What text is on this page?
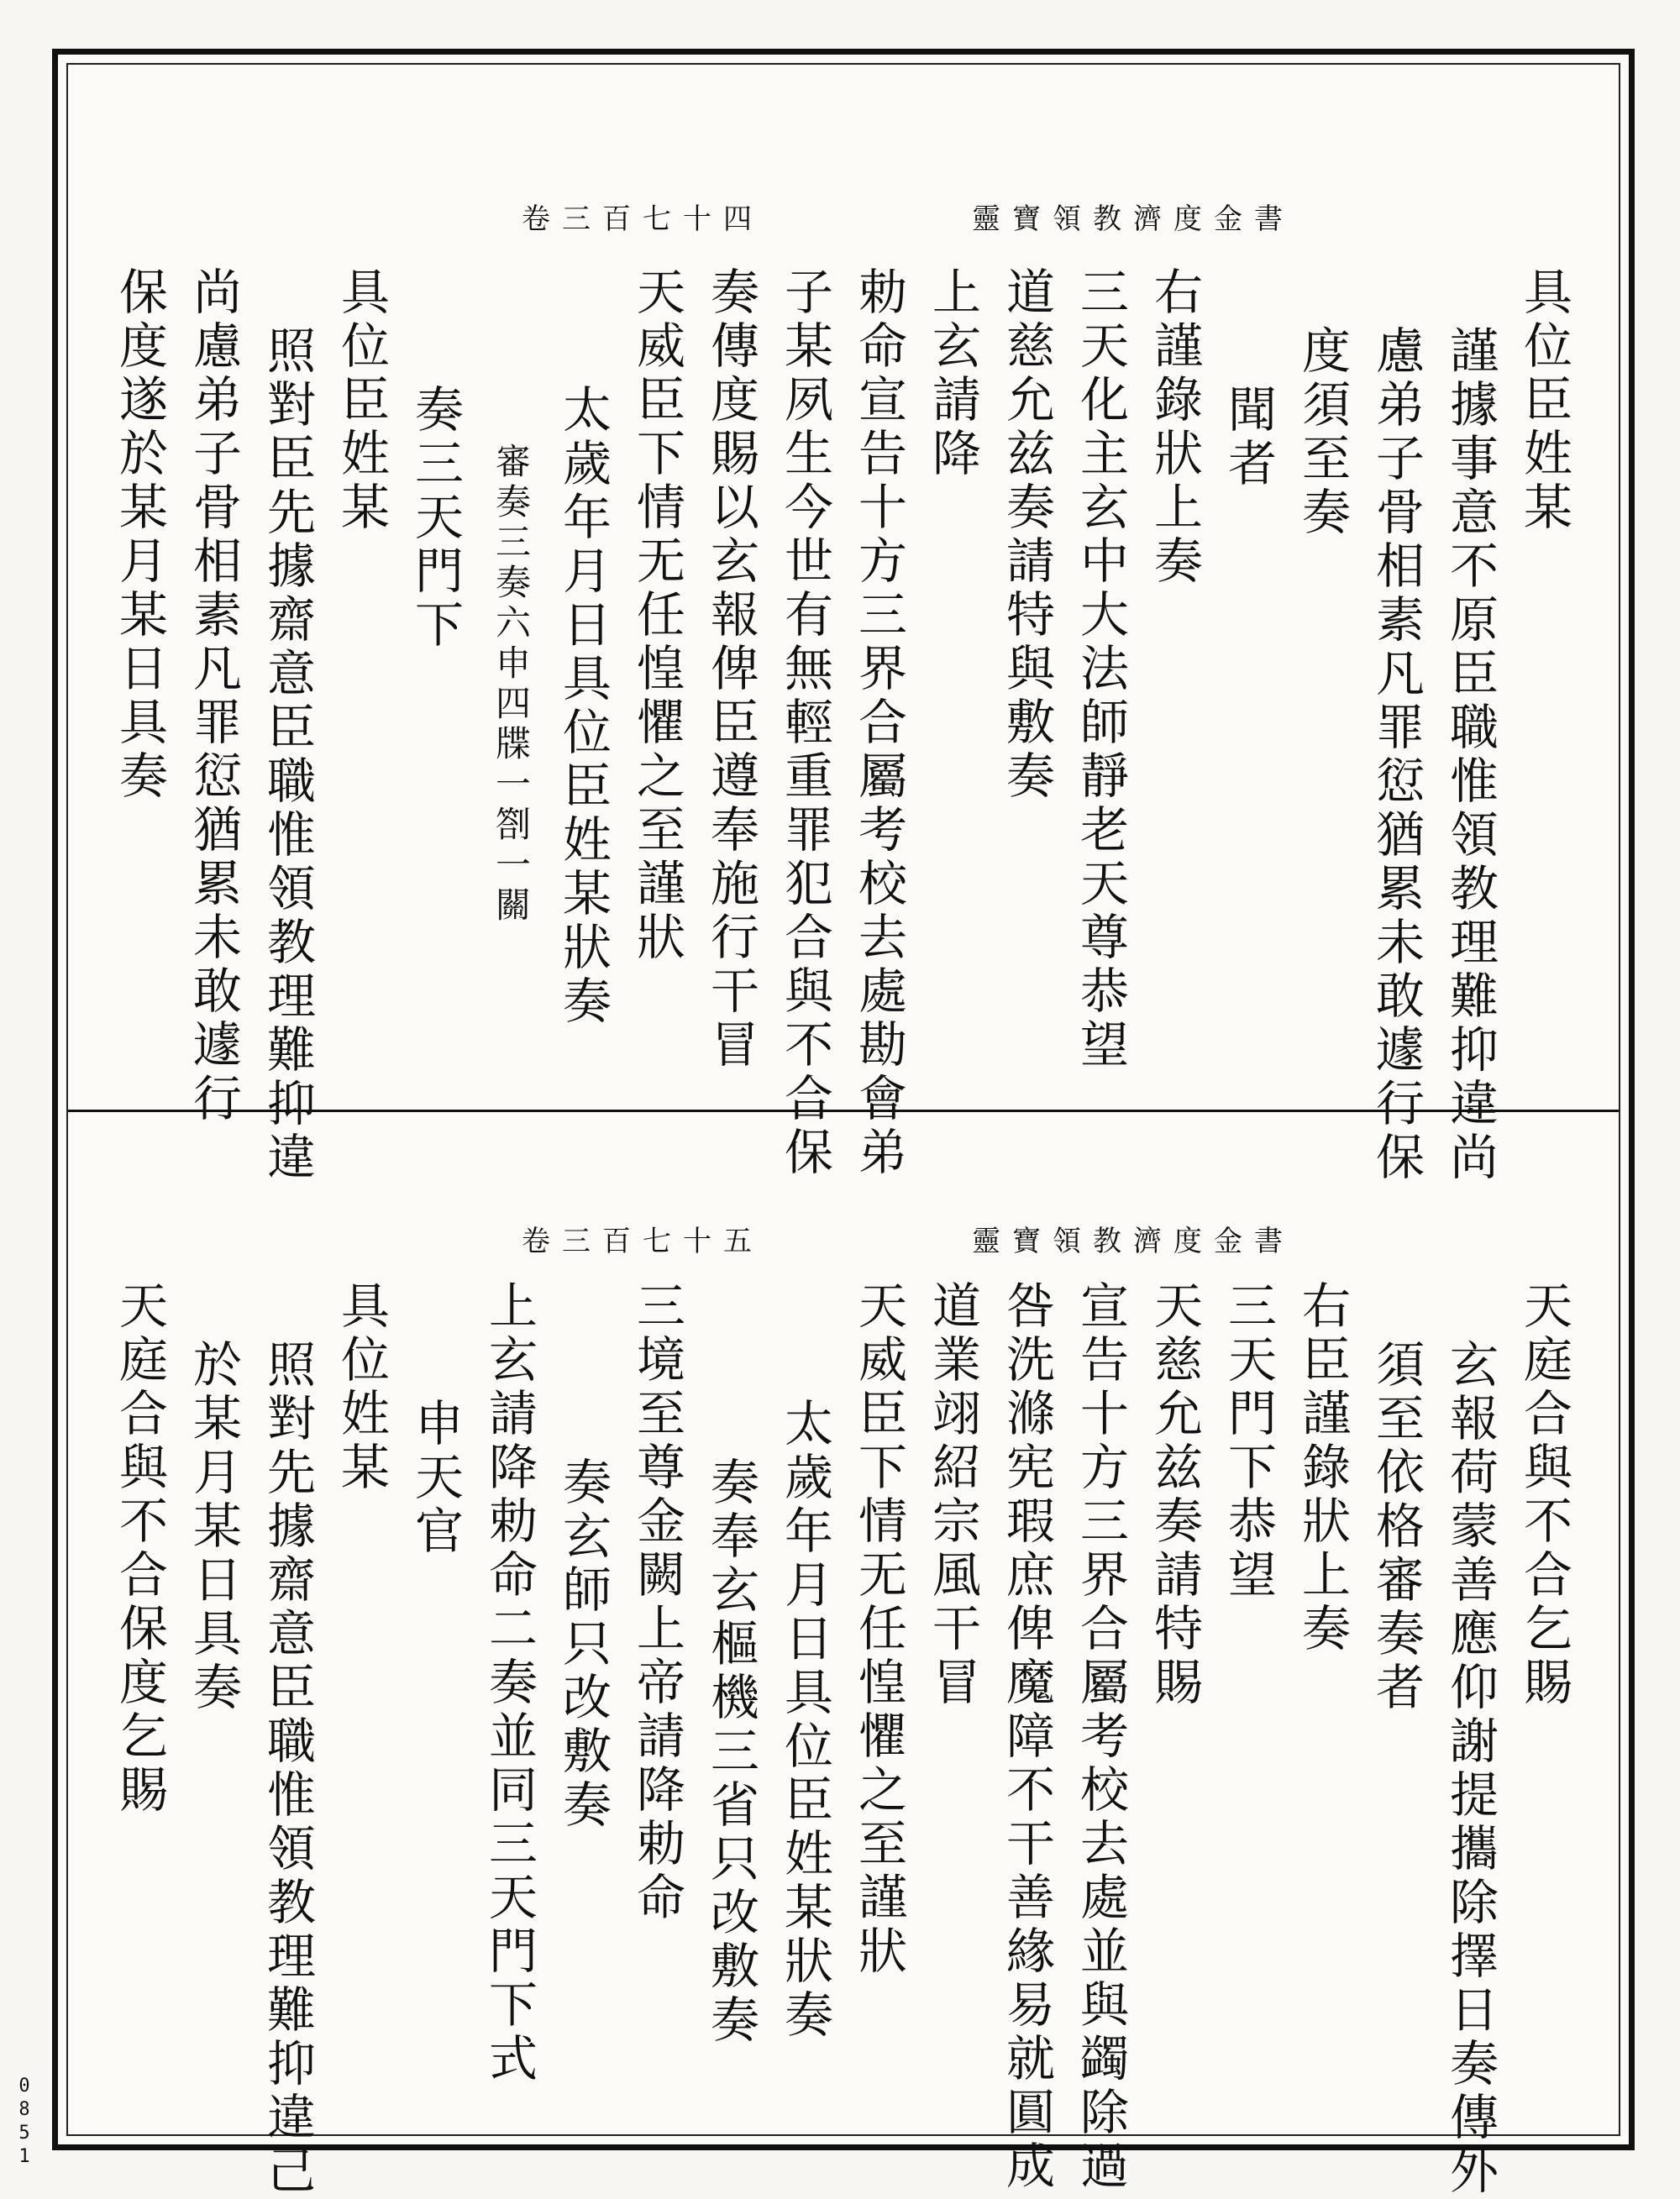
卷三百七十四	靈寶領教濟度金書
具位臣姓某
謹據事意不原臣職惟領教理難抑違尚
慮弟子骨相素凡罪愆猶累未敢遽行保
度須至奏
聞者
右謹錄狀上奏
三天化主玄中大法師靜老天尊恭望
道慈允兹奏請特與敷奏
上玄請降
勅命宣告十方三界合屬考校去處勘會弟
子某夙生今世有無輕重罪犯合與不合保
奏傳度賜以玄報俾臣遵奉施行干冒
天威臣下情无任惶懼之至謹狀
太歲年月日具位臣姓某狀奏
審奏三奏六申四牒一劄一關
奏三天門下
具位臣姓某
照對臣先據齋意臣職惟領教理難抑違
尚慮弟子骨相素凡罪愆猶累未敢遽行
保度遂於某月某日具奏
卷三百七十五	靈寶領教濟度金書
天庭合與不合乞賜
玄報荷蒙善應仰謝提攜除擇日奏傳外
須至依格審奏者
右臣謹錄狀上奏
三天門下恭望
天慈允兹奏請特賜
宣告十方三界合屬考校去處並與蠲除過
咎洗滌宪瑕庶俾魔障不干善緣易就圓成
道業翊紹宗風干冒
天威臣下情无任惶懼之至謹狀
太歲年月日具位臣姓某狀奏
奏奉玄樞機三省只改敷奏
三境至尊金闕上帝請降勅命
奏玄師只改敷奏
上玄請降勅命二奏並同三天門下式
申天官
具位姓某
照對先據齋意臣職惟領教理難抑違己
於某月某日具奏
天庭合與不合保度乞賜
0851
